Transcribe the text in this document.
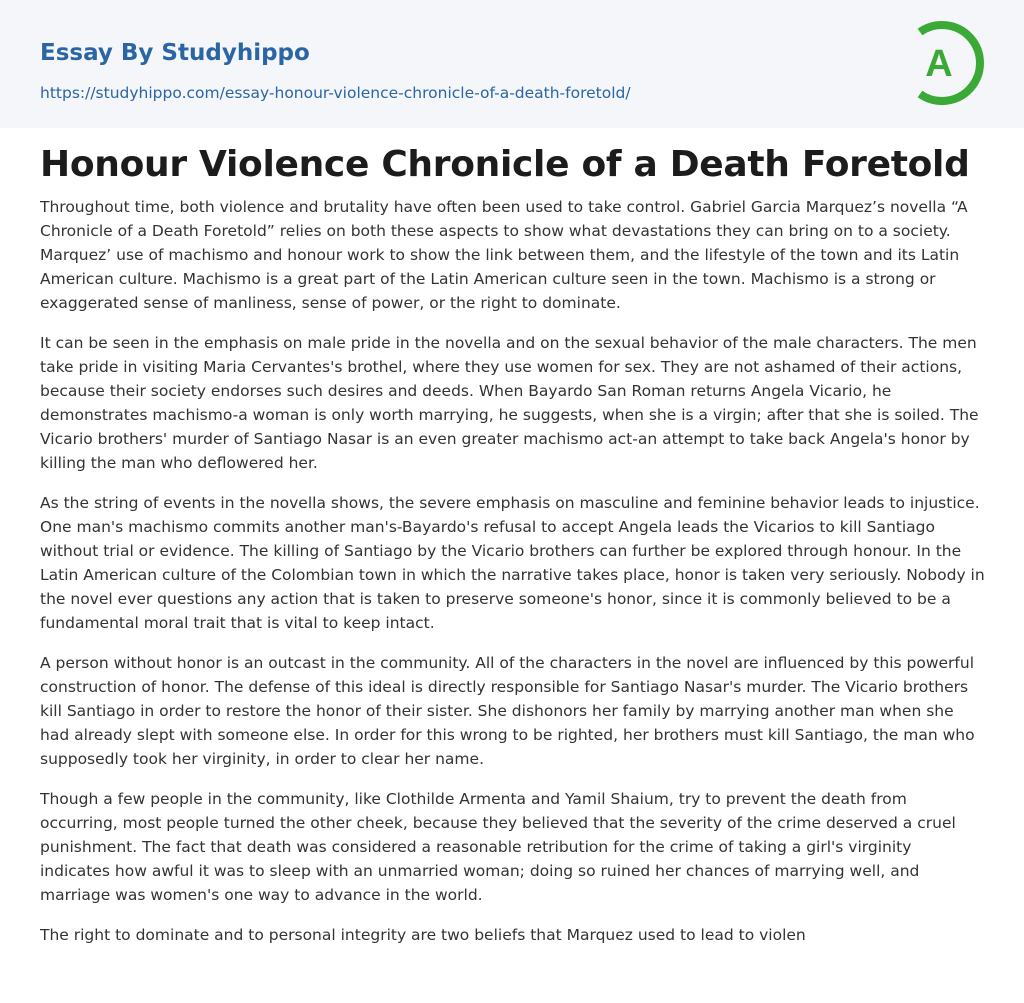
Essay By Studyhippo
https://studyhippo.com/essay-honour-violence-chronicle-of-a-death-foretold/
A
Honour Violence Chronicle of a Death Foretold

Throughout time, both violence and brutality have often been used to take control. Gabriel Garcia Marquez’s novella “A Chronicle of a Death Foretold” relies on both these aspects to show what devastations they can bring on to a society. Marquez’ use of machismo and honour work to show the link between them, and the lifestyle of the town and its Latin American culture. Machismo is a great part of the Latin American culture seen in the town. Machismo is a strong or exaggerated sense of manliness, sense of power, or the right to dominate.

It can be seen in the emphasis on male pride in the novella and on the sexual behavior of the male characters. The men take pride in visiting Maria Cervantes's brothel, where they use women for sex. They are not ashamed of their actions, because their society endorses such desires and deeds. When Bayardo San Roman returns Angela Vicario, he demonstrates machismo-a woman is only worth marrying, he suggests, when she is a virgin; after that she is soiled. The Vicario brothers' murder of Santiago Nasar is an even greater machismo act-an attempt to take back Angela's honor by killing the man who deflowered her.

As the string of events in the novella shows, the severe emphasis on masculine and feminine behavior leads to injustice. One man's machismo commits another man's-Bayardo's refusal to accept Angela leads the Vicarios to kill Santiago without trial or evidence. The killing of Santiago by the Vicario brothers can further be explored through honour. In the Latin American culture of the Colombian town in which the narrative takes place, honor is taken very seriously. Nobody in the novel ever questions any action that is taken to preserve someone's honor, since it is commonly believed to be a fundamental moral trait that is vital to keep intact.

A person without honor is an outcast in the community. All of the characters in the novel are influenced by this powerful construction of honor. The defense of this ideal is directly responsible for Santiago Nasar's murder. The Vicario brothers kill Santiago in order to restore the honor of their sister. She dishonors her family by marrying another man when she had already slept with someone else. In order for this wrong to be righted, her brothers must kill Santiago, the man who supposedly took her virginity, in order to clear her name.

Though a few people in the community, like Clothilde Armenta and Yamil Shaium, try to prevent the death from occurring, most people turned the other cheek, because they believed that the severity of the crime deserved a cruel punishment. The fact that death was considered a reasonable retribution for the crime of taking a girl's virginity indicates how awful it was to sleep with an unmarried woman; doing so ruined her chances of marrying well, and marriage was women's one way to advance in the world.

The right to dominate and to personal integrity are two beliefs that Marquez used to lead to violen
